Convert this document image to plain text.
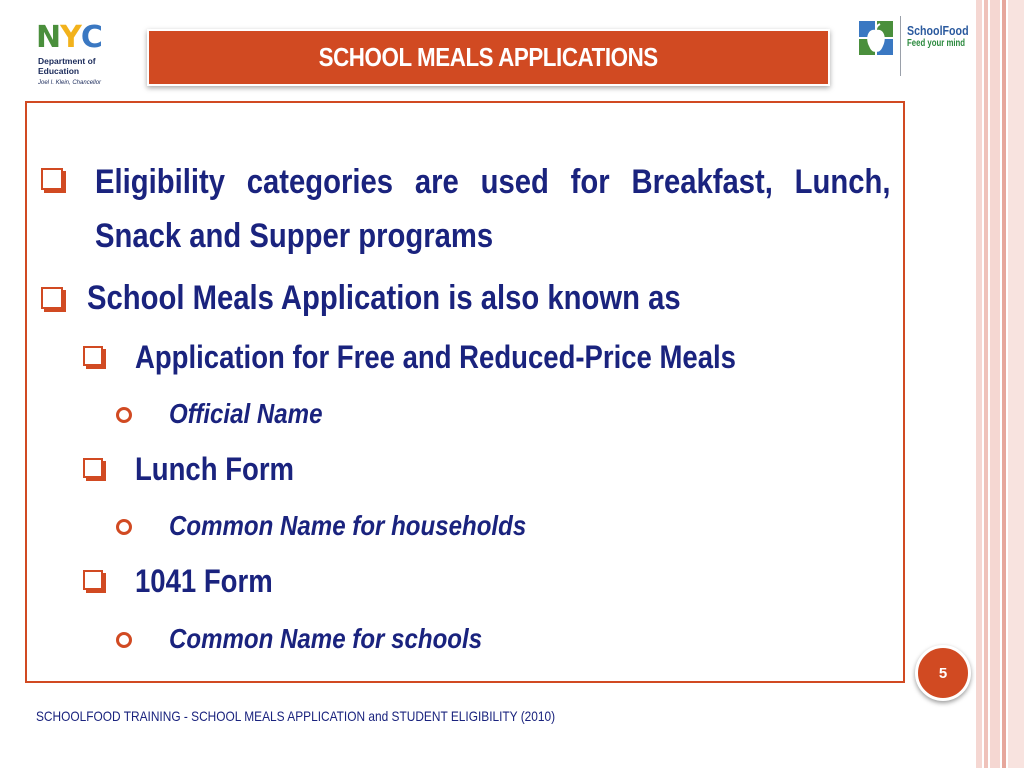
N Y C
Department of
Education
Joel I. Klein, Chancellor
SCHOOL MEALS APPLICATIONS
SchoolFood
Feed your mind
Eligibility categories are used for Breakfast, Lunch, Snack and Supper programs
School Meals Application is also known as
Application for Free and Reduced-Price Meals
Official Name
Lunch Form
Common Name for households
1041 Form
Common Name for schools
5
SCHOOLFOOD TRAINING - SCHOOL MEALS APPLICATION and STUDENT ELIGIBILITY (2010)
